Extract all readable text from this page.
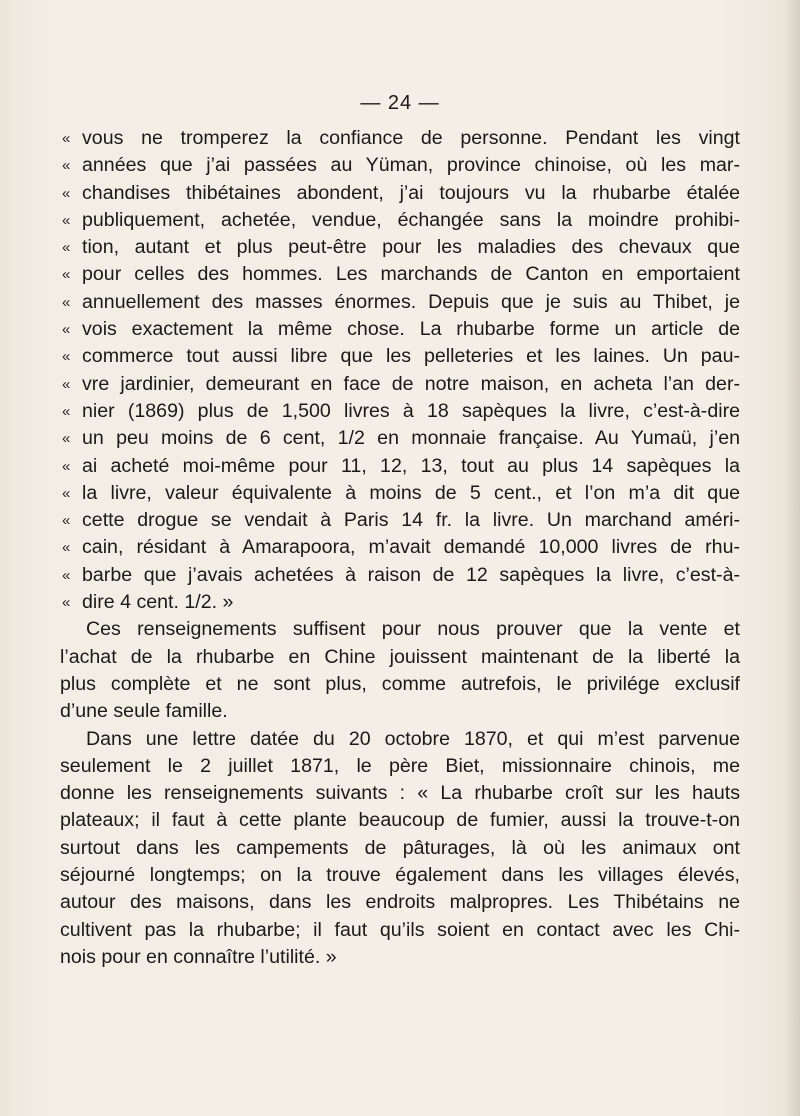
— 24 —
« vous ne tromperez la confiance de personne. Pendant les vingt
« années que j’ai passées au Yüman, province chinoise, où les mar-
« chandises thibétaines abondent, j’ai toujours vu la rhubarbe étalée
« publiquement, achetée, vendue, échangée sans la moindre prohibi-
« tion, autant et plus peut-être pour les maladies des chevaux que
« pour celles des hommes. Les marchands de Canton en emportaient
« annuellement des masses énormes. Depuis que je suis au Thibet, je
« vois exactement la même chose. La rhubarbe forme un article de
« commerce tout aussi libre que les pelleteries et les laines. Un pau-
« vre jardinier, demeurant en face de notre maison, en acheta l’an der-
« nier (1869) plus de 1,500 livres à 18 sapèques la livre, c’est-à-dire
« un peu moins de 6 cent, 1/2 en monnaie française. Au Yumaü, j’en
« ai acheté moi-même pour 11, 12, 13, tout au plus 14 sapèques la
« la livre, valeur équivalente à moins de 5 cent., et l’on m’a dit que
« cette drogue se vendait à Paris 14 fr. la livre. Un marchand améri-
« cain, résidant à Amarapoora, m’avait demandé 10,000 livres de rhu-
« barbe que j’avais achetées à raison de 12 sapèques la livre, c’est-à-
« dire 4 cent. 1/2. »
Ces renseignements suffisent pour nous prouver que la vente et
l’achat de la rhubarbe en Chine jouissent maintenant de la liberté la
plus complète et ne sont plus, comme autrefois, le privilége exclusif
d’une seule famille.
Dans une lettre datée du 20 octobre 1870, et qui m’est parvenue
seulement le 2 juillet 1871, le père Biet, missionnaire chinois, me
donne les renseignements suivants : « La rhubarbe croît sur les hauts
plateaux; il faut à cette plante beaucoup de fumier, aussi la trouve-t-on
surtout dans les campements de pâturages, là où les animaux ont
séjourné longtemps; on la trouve également dans les villages élevés,
autour des maisons, dans les endroits malpropres. Les Thibétains ne
cultivent pas la rhubarbe; il faut qu’ils soient en contact avec les Chi-
nois pour en connaître l’utilité. »
